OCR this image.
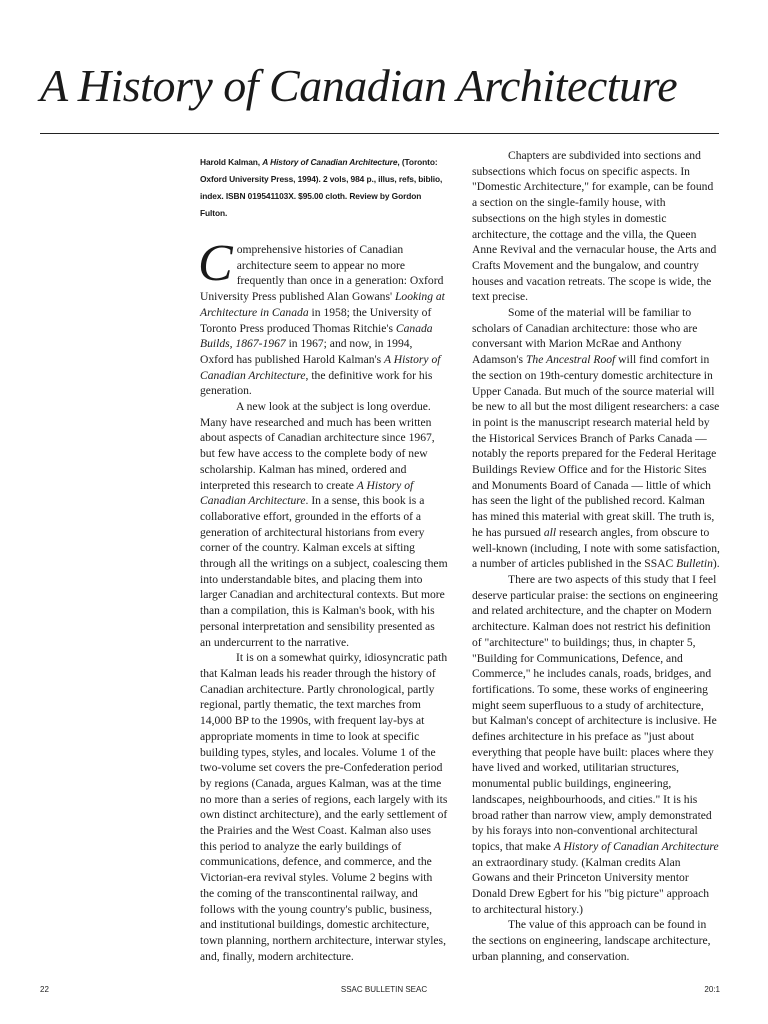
A History of Canadian Architecture
Harold Kalman, A History of Canadian Architecture, (Toronto: Oxford University Press, 1994). 2 vols, 984 p., illus, refs, biblio, index. ISBN 019541103X. $95.00 cloth. Review by Gordon Fulton.

Comprehensive histories of Canadian architecture seem to appear no more frequently than once in a generation: Oxford University Press published Alan Gowans' Looking at Architecture in Canada in 1958; the University of Toronto Press produced Thomas Ritchie's Canada Builds, 1867-1967 in 1967; and now, in 1994, Oxford has published Harold Kalman's A History of Canadian Architecture, the definitive work for his generation.

A new look at the subject is long overdue. Many have researched and much has been written about aspects of Canadian architecture since 1967, but few have access to the complete body of new scholarship. Kalman has mined, ordered and interpreted this research to create A History of Canadian Architecture. In a sense, this book is a collaborative effort, grounded in the efforts of a generation of architectural historians from every corner of the country. Kalman excels at sifting through all the writings on a subject, coalescing them into understandable bites, and placing them into larger Canadian and architectural contexts. But more than a compilation, this is Kalman's book, with his personal interpretation and sensibility presented as an undercurrent to the narrative.

It is on a somewhat quirky, idiosyncratic path that Kalman leads his reader through the history of Canadian architecture. Partly chronological, partly regional, partly thematic, the text marches from 14,000 BP to the 1990s, with frequent lay-bys at appropriate moments in time to look at specific building types, styles, and locales. Volume 1 of the two-volume set covers the pre-Confederation period by regions (Canada, argues Kalman, was at the time no more than a series of regions, each largely with its own distinct architecture), and the early settlement of the Prairies and the West Coast. Kalman also uses this period to analyze the early buildings of communications, defence, and commerce, and the Victorian-era revival styles. Volume 2 begins with the coming of the transcontinental railway, and follows with the young country's public, business, and institutional buildings, domestic architecture, town planning, northern architecture, interwar styles, and, finally, modern architecture.

Chapters are subdivided into sections and subsections which focus on specific aspects. In "Domestic Architecture," for example, can be found a section on the single-family house, with subsections on the high styles in domestic architecture, the cottage and the villa, the Queen Anne Revival and the vernacular house, the Arts and Crafts Movement and the bungalow, and country houses and vacation retreats. The scope is wide, the text precise.

Some of the material will be familiar to scholars of Canadian architecture: those who are conversant with Marion McRae and Anthony Adamson's The Ancestral Roof will find comfort in the section on 19th-century domestic architecture in Upper Canada. But much of the source material will be new to all but the most diligent researchers: a case in point is the manuscript research material held by the Historical Services Branch of Parks Canada — notably the reports prepared for the Federal Heritage Buildings Review Office and for the Historic Sites and Monuments Board of Canada — little of which has seen the light of the published record. Kalman has mined this material with great skill. The truth is, he has pursued all research angles, from obscure to well-known (including, I note with some satisfaction, a number of articles published in the SSAC Bulletin).

There are two aspects of this study that I feel deserve particular praise: the sections on engineering and related architecture, and the chapter on Modern architecture. Kalman does not restrict his definition of "architecture" to buildings; thus, in chapter 5, "Building for Communications, Defence, and Commerce," he includes canals, roads, bridges, and fortifications. To some, these works of engineering might seem superfluous to a study of architecture, but Kalman's concept of architecture is inclusive. He defines architecture in his preface as "just about everything that people have built: places where they have lived and worked, utilitarian structures, monumental public buildings, engineering, landscapes, neighbourhoods, and cities." It is his broad rather than narrow view, amply demonstrated by his forays into non-conventional architectural topics, that make A History of Canadian Architecture an extraordinary study. (Kalman credits Alan Gowans and their Princeton University mentor Donald Drew Egbert for his "big picture" approach to architectural history.)

The value of this approach can be found in the sections on engineering, landscape architecture, urban planning, and conservation.

22	SSAC BULLETIN SEAC	20:1
